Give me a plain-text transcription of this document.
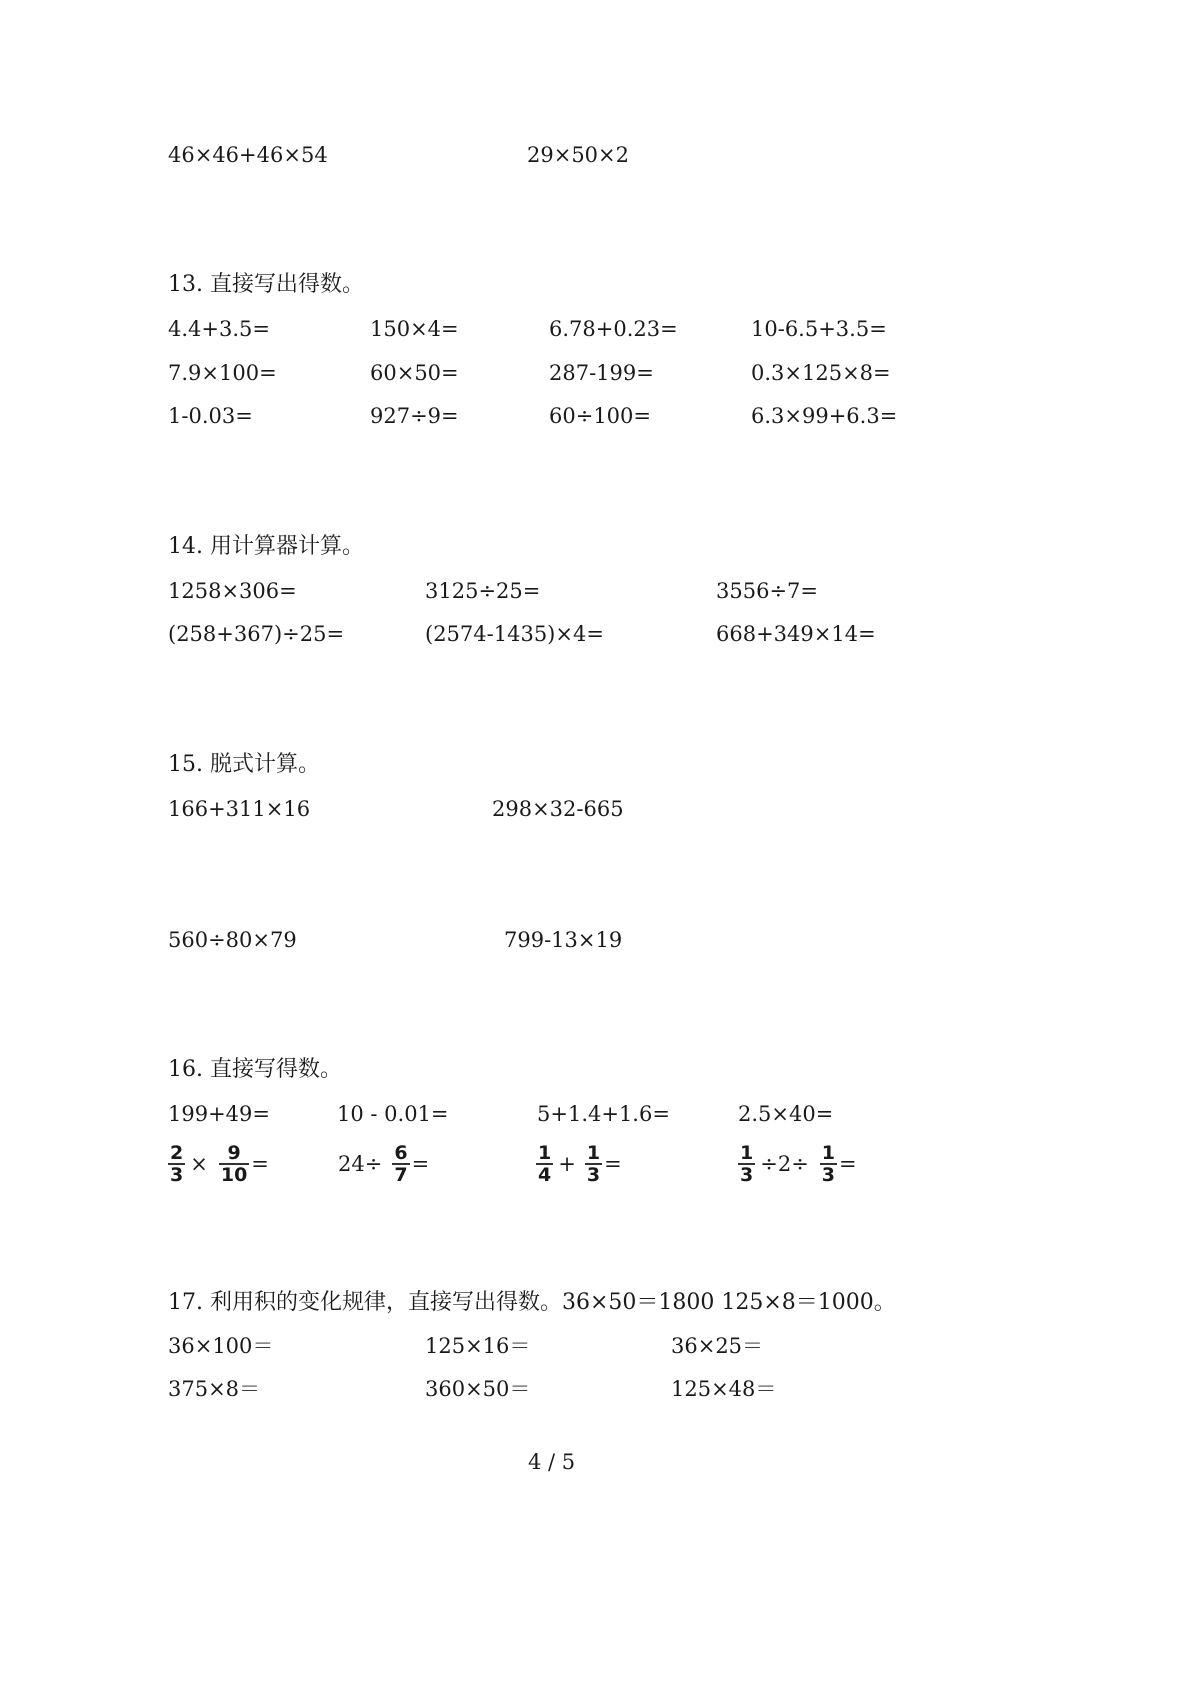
46×46+46×54	29×50×2
13. 直接写出得数。
4.4+3.5=	150×4=	6.78+0.23=	10-6.5+3.5=
7.9×100=	60×50=	287-199=	0.3×125×8=
1-0.03=	927÷9=	60÷100=	6.3×99+6.3=
14. 用计算器计算。
1258×306=	3125÷25=	3556÷7=
(258+367)÷25=	(2574-1435)×4=	668+349×14=
15. 脱式计算。
166+311×16	298×32-665
560÷80×79	799-13×19
16. 直接写得数。
199+49=	10 - 0.01=	5+1.4+1.6=	2.5×40=
$\frac{2}{3} \times \frac{9}{10}$ =	$24\div \frac{6}{7}$ =	$\frac{1}{4} + \frac{1}{3}$ =	$\frac{1}{3} \div 2\div \frac{1}{3}$ =
17. 利用积的变化规律，直接写出得数。36×50＝1800 125×8＝1000。
36×100＝	125×16＝	36×25＝
375×8＝	360×50＝	125×48＝
4 / 5
